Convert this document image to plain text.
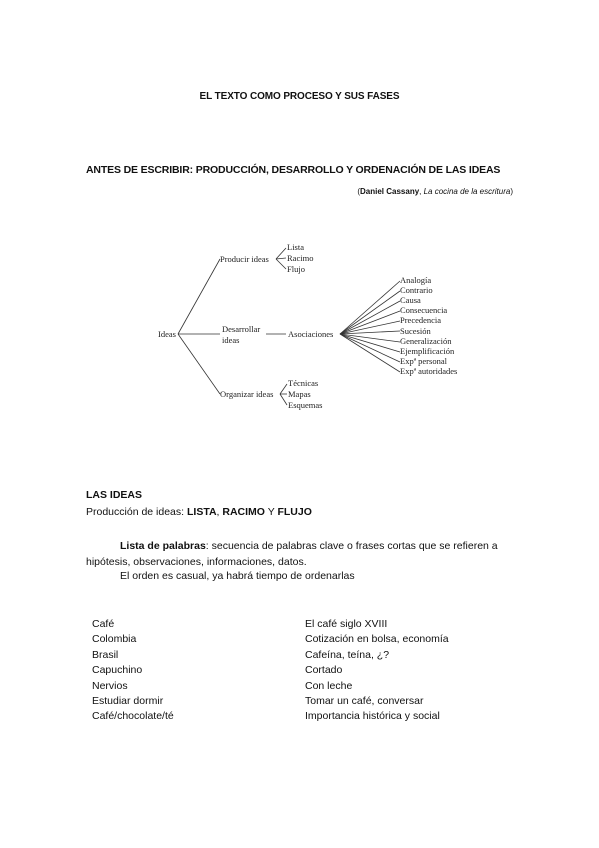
EL TEXTO COMO PROCESO Y SUS FASES
ANTES DE ESCRIBIR: PRODUCCIÓN, DESARROLLO Y ORDENACIÓN DE LAS IDEAS
(Daniel Cassany, La cocina de la escritura)
Ideas
Producir ideas
Lista
Racimo
Flujo
Desarrollar
ideas
Asociaciones
Analogía
Contrario
Causa
Consecuencia
Precedencia
Sucesión
Generalización
Ejemplificación
Expª personal
Expª autoridades
Organizar ideas
Técnicas
Mapas
Esquemas
LAS IDEAS
Producción de ideas: LISTA, RACIMO Y FLUJO
Lista de palabras: secuencia de palabras clave o frases cortas que se refieren a hipótesis, observaciones, informaciones, datos.
El orden es casual, ya habrá tiempo de ordenarlas
Café
Colombia
Brasil
Capuchino
Nervios
Estudiar dormir
Café/chocolate/té
El café siglo XVIII
Cotización en bolsa, economía
Cafeína, teína, ¿?
Cortado
Con leche
Tomar un café, conversar
Importancia histórica y social
